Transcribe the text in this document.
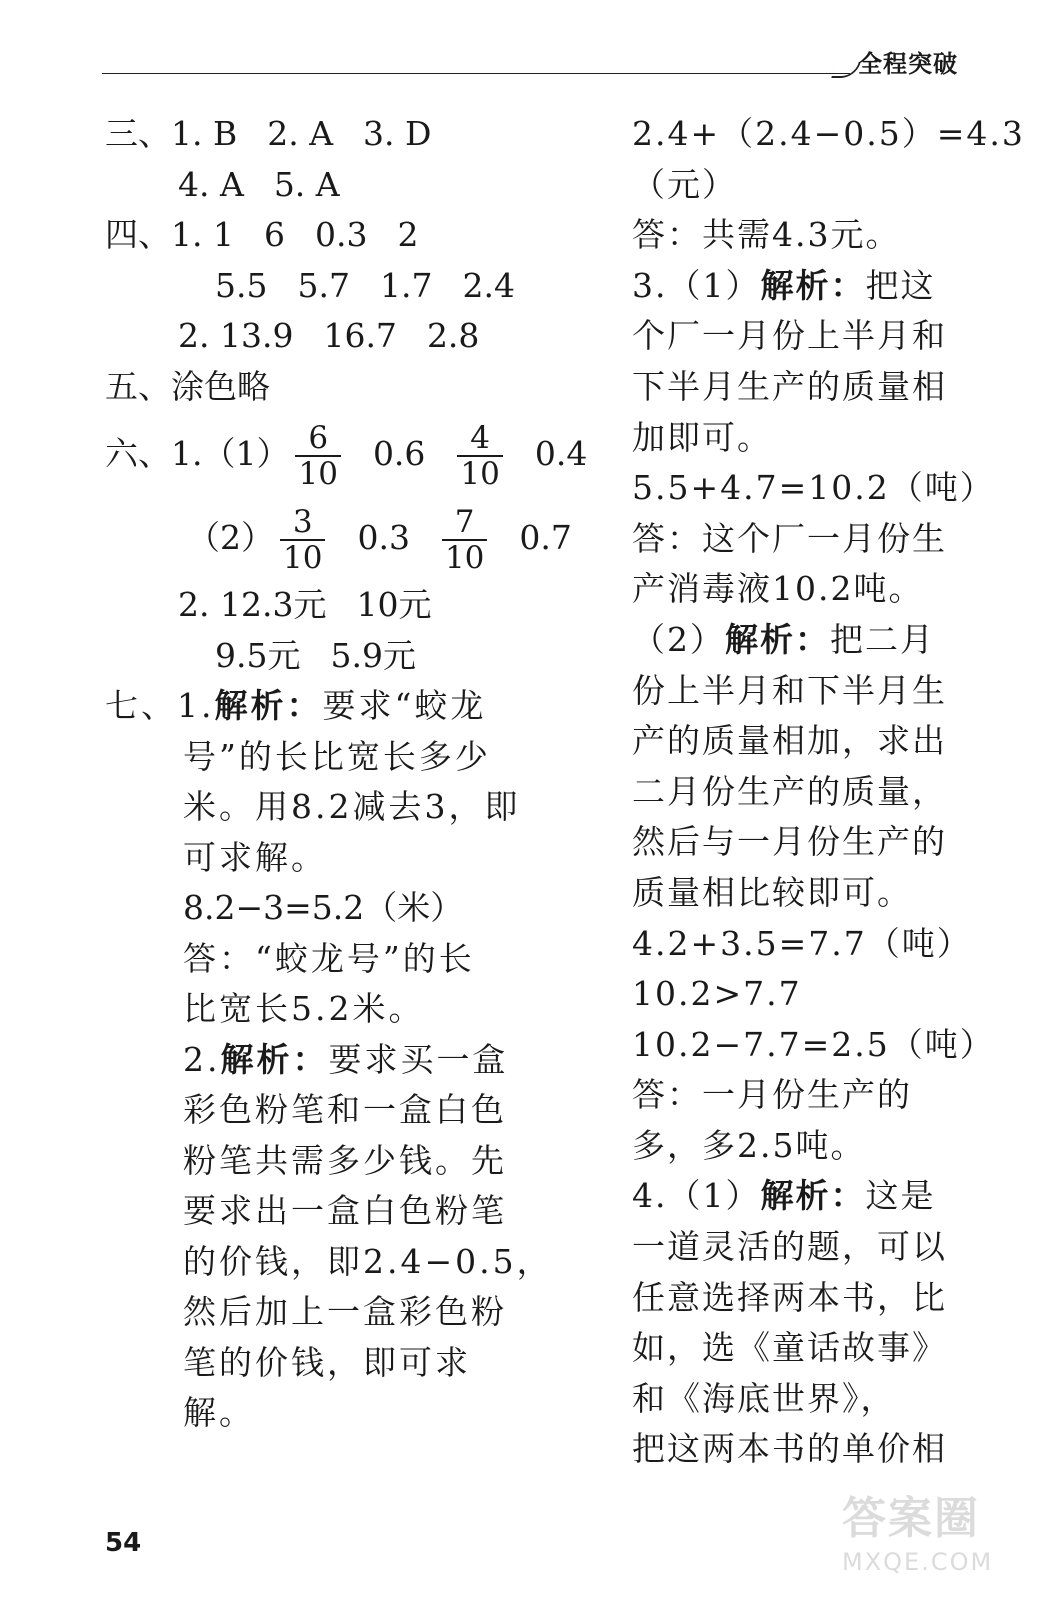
全程突破
三、1. B 2. A 3. D
4. A 5. A
四、1. 1 6 0.3 2
5.5 5.7 1.7 2.4
2. 13.9 16.7 2.8
五、涂色略
六、$1.(1) \frac{6}{10} 0.6 \frac{4}{10} 0.4$
$(2) \frac{3}{10} 0.3 \frac{7}{10} 0.7$
2. 12.3元 10元
9.5元 5.9元
七、1.解析：要求“蛟龙
号”的长比宽长多少
米。用8.2减去3，即
可求解。
8.2−3=5.2（米）
答：“蛟龙号”的长
比宽长5.2米。
2.解析：要求买一盒
彩色粉笔和一盒白色
粉笔共需多少钱。先
要求出一盒白色粉笔
的价钱，即2.4−0.5，
然后加上一盒彩色粉
笔的价钱，即可求
解。
2.4+（2.4−0.5）=4.3
（元）
答：共需4.3元。
3.（1）解析：把这
个厂一月份上半月和
下半月生产的质量相
加即可。
5.5+4.7=10.2（吨）
答：这个厂一月份生
产消毒液10.2吨。
（2）解析：把二月
份上半月和下半月生
产的质量相加，求出
二月份生产的质量，
然后与一月份生产的
质量相比较即可。
4.2+3.5=7.7（吨）
10.2>7.7
10.2−7.7=2.5（吨）
答：一月份生产的
多，多2.5吨。
4.（1）解析：这是
一道灵活的题，可以
任意选择两本书，比
如，选《童话故事》
和《海底世界》，
把这两本书的单价相
54	答案圈
MXQE.COM
